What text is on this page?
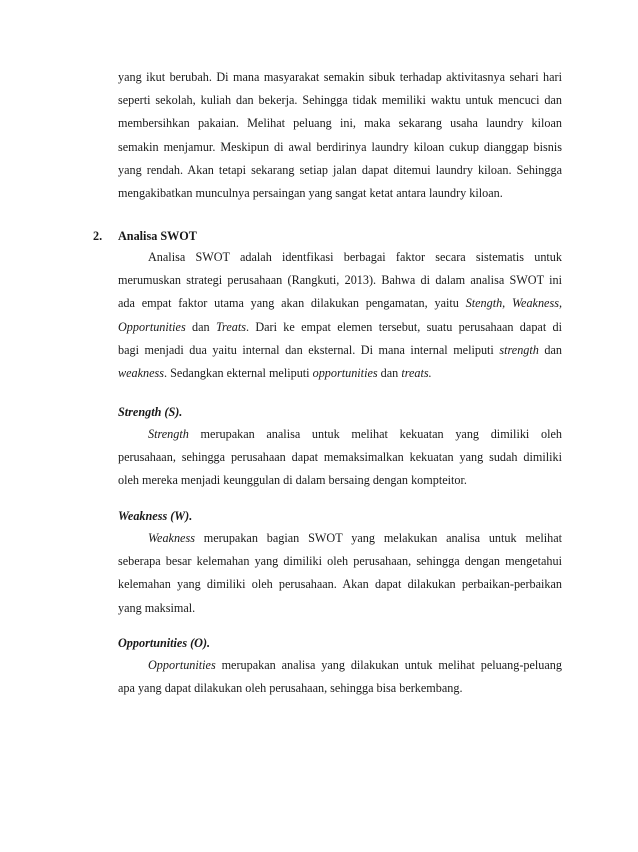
yang ikut berubah. Di mana masyarakat semakin sibuk terhadap aktivitasnya sehari hari
seperti sekolah, kuliah dan bekerja. Sehingga tidak memiliki waktu untuk mencuci dan
membersihkan pakaian. Melihat peluang ini, maka sekarang usaha laundry kiloan
semakin menjamur. Meskipun di awal berdirinya laundry kiloan cukup dianggap bisnis
yang rendah. Akan tetapi sekarang setiap jalan dapat ditemui laundry kiloan. Sehingga
mengakibatkan munculnya persaingan yang sangat ketat antara laundry kiloan.
2. Analisa SWOT
Analisa SWOT adalah identfikasi berbagai faktor secara sistematis untuk
merumuskan strategi perusahaan (Rangkuti, 2013). Bahwa di dalam analisa SWOT ini
ada empat faktor utama yang akan dilakukan pengamatan, yaitu Stength, Weakness,
Opportunities dan Treats. Dari ke empat elemen tersebut, suatu perusahaan dapat di
bagi menjadi dua yaitu internal dan eksternal. Di mana internal meliputi strength dan
weakness. Sedangkan ekternal meliputi opportunities dan treats.
Strength (S).
Strength merupakan analisa untuk melihat kekuatan yang dimiliki oleh
perusahaan, sehingga perusahaan dapat memaksimalkan kekuatan yang sudah dimiliki
oleh mereka menjadi keunggulan di dalam bersaing dengan kompteitor.
Weakness (W).
Weakness merupakan bagian SWOT yang melakukan analisa untuk melihat
seberapa besar kelemahan yang dimiliki oleh perusahaan, sehingga dengan mengetahui
kelemahan yang dimiliki oleh perusahaan. Akan dapat dilakukan perbaikan-perbaikan
yang maksimal.
Opportunities (O).
Opportunities merupakan analisa yang dilakukan untuk melihat peluang-peluang
apa yang dapat dilakukan oleh perusahaan, sehingga bisa berkembang.
